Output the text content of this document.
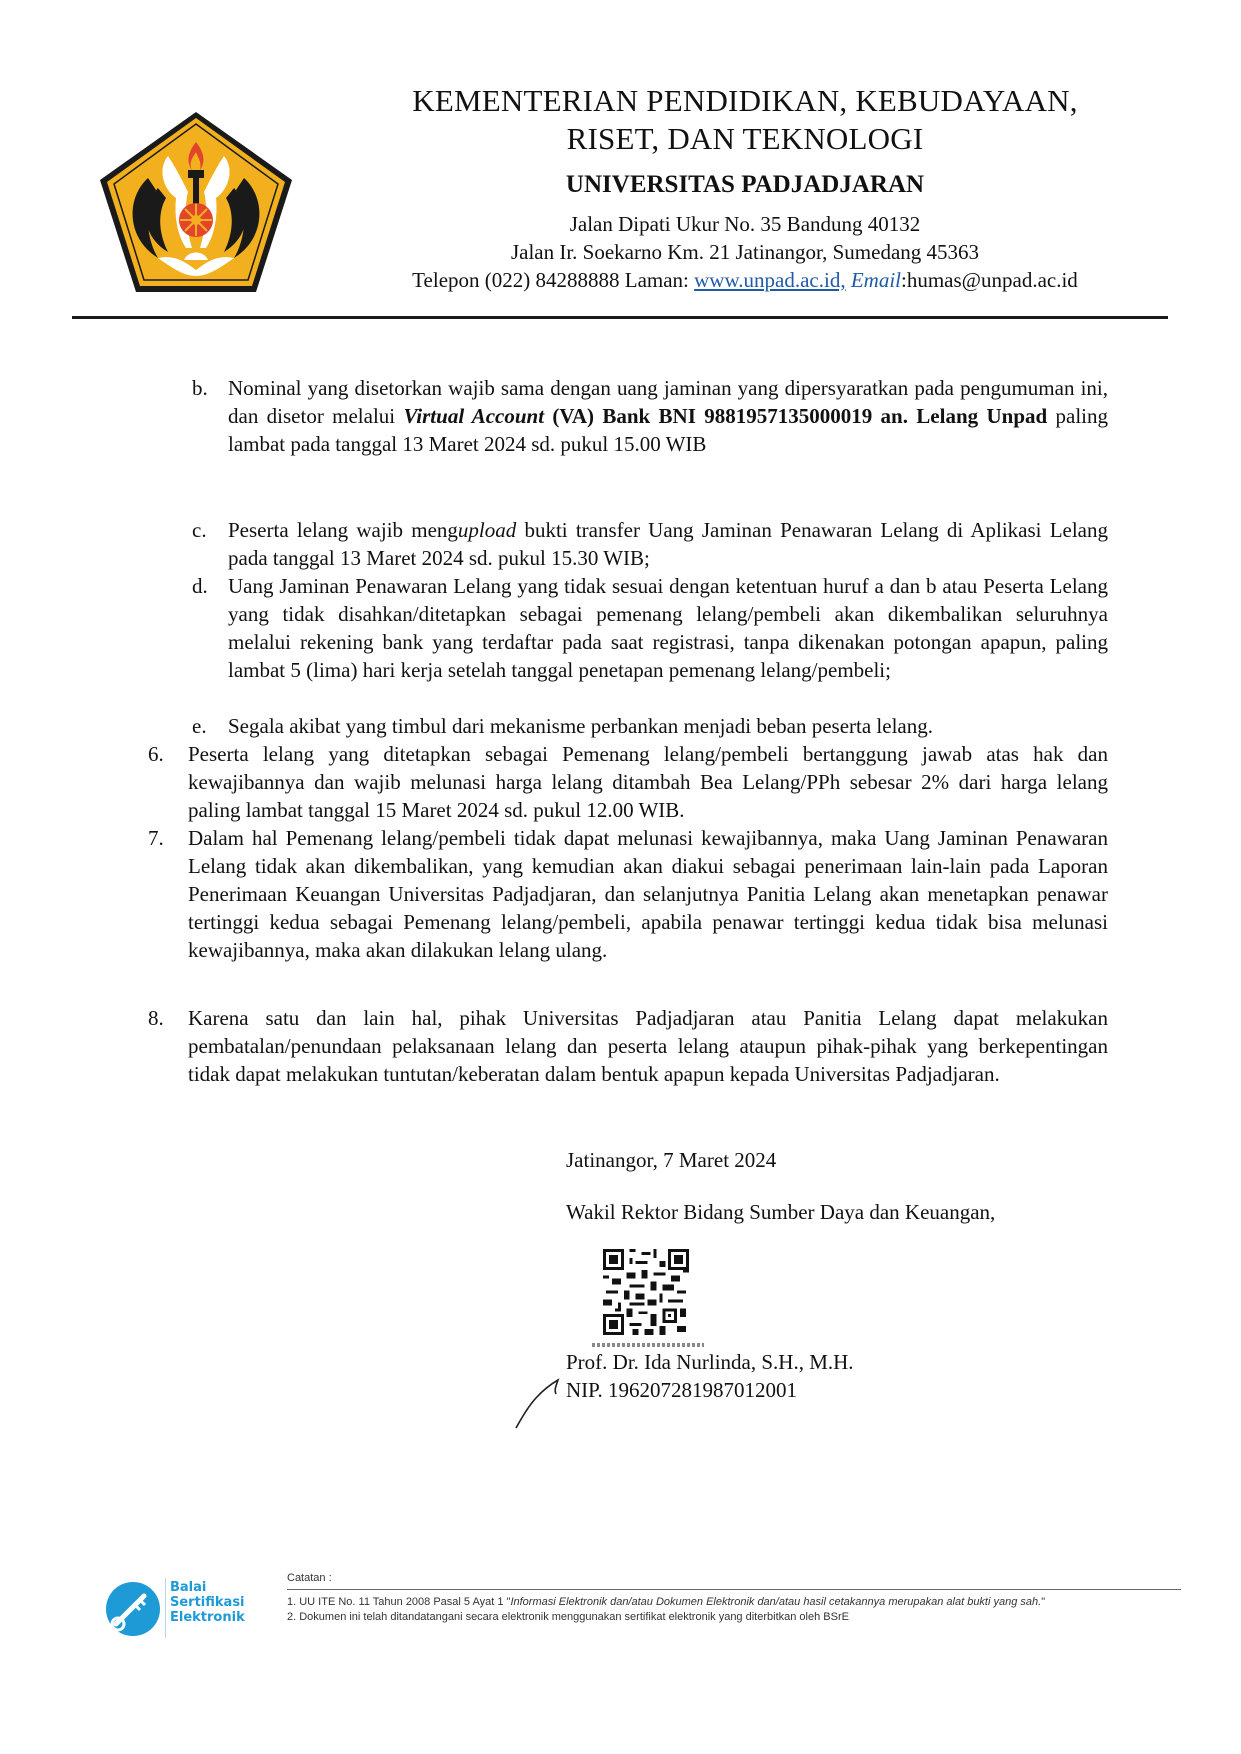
KEMENTERIAN PENDIDIKAN, KEBUDAYAAN,
RISET, DAN TEKNOLOGI
UNIVERSITAS PADJADJARAN
Jalan Dipati Ukur No. 35 Bandung 40132
Jalan Ir. Soekarno Km. 21 Jatinangor, Sumedang 45363
Telepon (022) 84288888 Laman: www.unpad.ac.id, Email:humas@unpad.ac.id
b. Nominal yang disetorkan wajib sama dengan uang jaminan yang dipersyaratkan pada pengumuman ini, dan disetor melalui Virtual Account (VA) Bank BNI 9881957135000019 an. Lelang Unpad paling lambat pada tanggal 13 Maret 2024 sd. pukul 15.00 WIB
c. Peserta lelang wajib mengupload bukti transfer Uang Jaminan Penawaran Lelang di Aplikasi Lelang pada tanggal 13 Maret 2024 sd. pukul 15.30 WIB;
d. Uang Jaminan Penawaran Lelang yang tidak sesuai dengan ketentuan huruf a dan b atau Peserta Lelang yang tidak disahkan/ditetapkan sebagai pemenang lelang/pembeli akan dikembalikan seluruhnya melalui rekening bank yang terdaftar pada saat registrasi, tanpa dikenakan potongan apapun, paling lambat 5 (lima) hari kerja setelah tanggal penetapan pemenang lelang/pembeli;
e. Segala akibat yang timbul dari mekanisme perbankan menjadi beban peserta lelang.
6. Peserta lelang yang ditetapkan sebagai Pemenang lelang/pembeli bertanggung jawab atas hak dan kewajibannya dan wajib melunasi harga lelang ditambah Bea Lelang/PPh sebesar 2% dari harga lelang paling lambat tanggal 15 Maret 2024 sd. pukul 12.00 WIB.
7. Dalam hal Pemenang lelang/pembeli tidak dapat melunasi kewajibannya, maka Uang Jaminan Penawaran Lelang tidak akan dikembalikan, yang kemudian akan diakui sebagai penerimaan lain-lain pada Laporan Penerimaan Keuangan Universitas Padjadjaran, dan selanjutnya Panitia Lelang akan menetapkan penawar tertinggi kedua sebagai Pemenang lelang/pembeli, apabila penawar tertinggi kedua tidak bisa melunasi kewajibannya, maka akan dilakukan lelang ulang.
8. Karena satu dan lain hal, pihak Universitas Padjadjaran atau Panitia Lelang dapat melakukan pembatalan/penundaan pelaksanaan lelang dan peserta lelang ataupun pihak-pihak yang berkepentingan tidak dapat melakukan tuntutan/keberatan dalam bentuk apapun kepada Universitas Padjadjaran.
Jatinangor, 7 Maret 2024
Wakil Rektor Bidang Sumber Daya dan Keuangan,
Prof. Dr. Ida Nurlinda, S.H., M.H.
NIP. 196207281987012001
Balai
Sertifikasi
Elektronik
Catatan :
1. UU ITE No. 11 Tahun 2008 Pasal 5 Ayat 1 "Informasi Elektronik dan/atau Dokumen Elektronik dan/atau hasil cetakannya merupakan alat bukti yang sah."
2. Dokumen ini telah ditandatangani secara elektronik menggunakan sertifikat elektronik yang diterbitkan oleh BSrE
